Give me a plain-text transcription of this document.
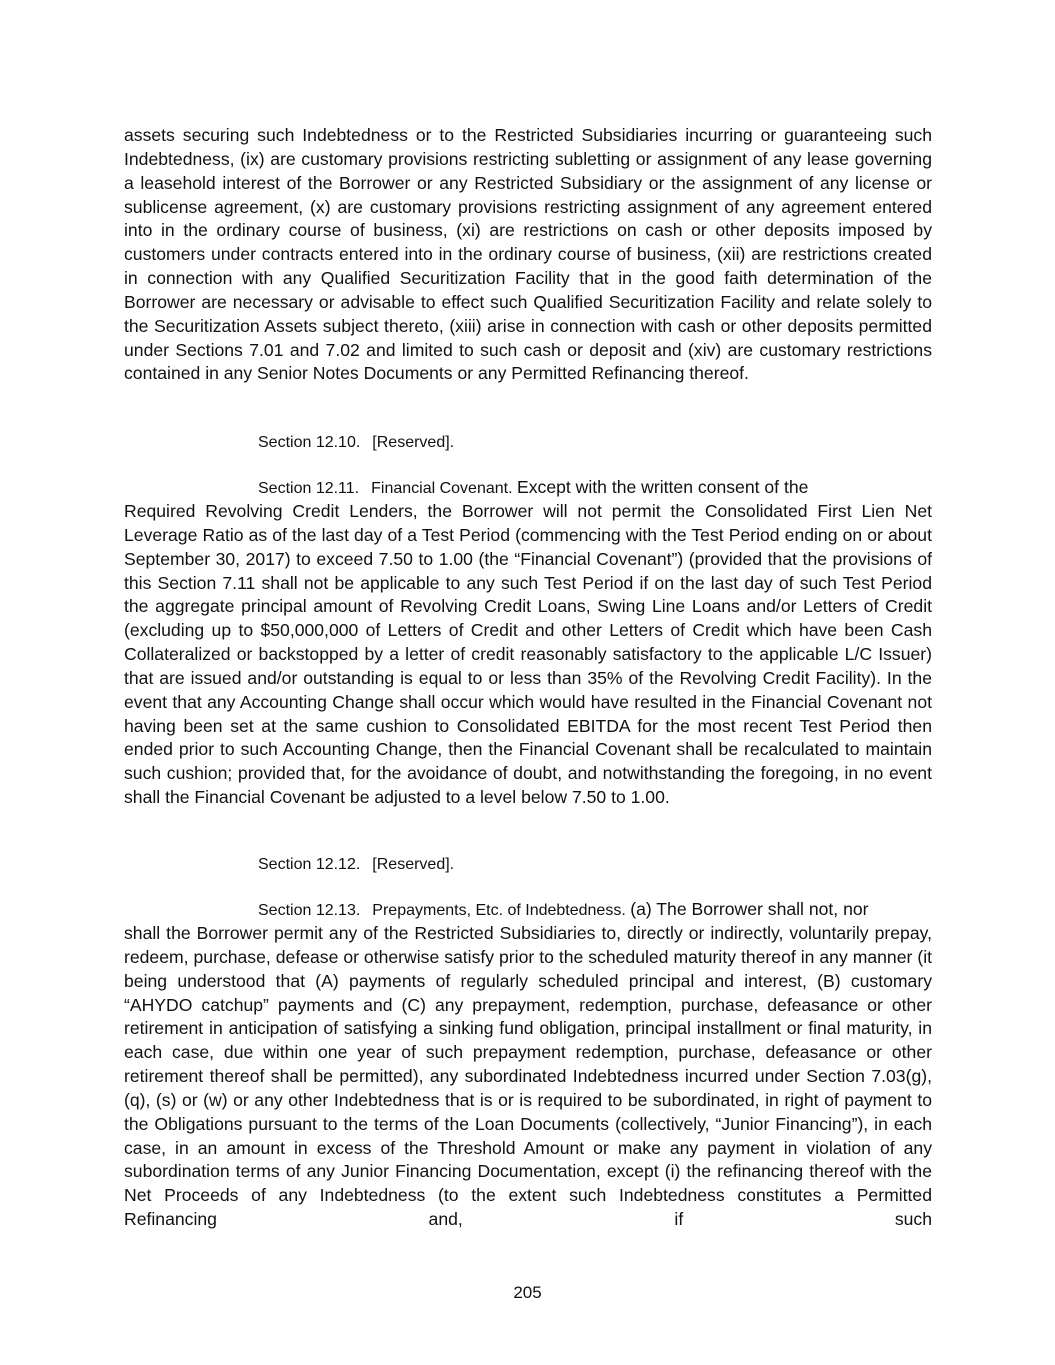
assets securing such Indebtedness or to the Restricted Subsidiaries incurring or guaranteeing such Indebtedness, (ix) are customary provisions restricting subletting or assignment of any lease governing a leasehold interest of the Borrower or any Restricted Subsidiary or the assignment of any license or sublicense agreement, (x) are customary provisions restricting assignment of any agreement entered into in the ordinary course of business, (xi) are restrictions on cash or other deposits imposed by customers under contracts entered into in the ordinary course of business, (xii) are restrictions created in connection with any Qualified Securitization Facility that in the good faith determination of the Borrower are necessary or advisable to effect such Qualified Securitization Facility and relate solely to the Securitization Assets subject thereto, (xiii) arise in connection with cash or other deposits permitted under Sections 7.01 and 7.02 and limited to such cash or deposit and (xiv) are customary restrictions contained in any Senior Notes Documents or any Permitted Refinancing thereof.

Section 12.10. [Reserved].
Section 12.11. Financial Covenant. Except with the written consent of the

Required Revolving Credit Lenders, the Borrower will not permit the Consolidated First Lien Net Leverage Ratio as of the last day of a Test Period (commencing with the Test Period ending on or about September 30, 2017) to exceed 7.50 to 1.00 (the “Financial Covenant”) (provided that the provisions of this Section 7.11 shall not be applicable to any such Test Period if on the last day of such Test Period the aggregate principal amount of Revolving Credit Loans, Swing Line Loans and/or Letters of Credit (excluding up to $50,000,000 of Letters of Credit and other Letters of Credit which have been Cash Collateralized or backstopped by a letter of credit reasonably satisfactory to the applicable L/C Issuer) that are issued and/or outstanding is equal to or less than 35% of the Revolving Credit Facility). In the event that any Accounting Change shall occur which would have resulted in the Financial Covenant not having been set at the same cushion to Consolidated EBITDA for the most recent Test Period then ended prior to such Accounting Change, then the Financial Covenant shall be recalculated to maintain such cushion; provided that, for the avoidance of doubt, and notwithstanding the foregoing, in no event shall the Financial Covenant be adjusted to a level below 7.50 to 1.00.

Section 12.12. [Reserved].
Section 12.13. Prepayments, Etc. of Indebtedness. (a) The Borrower shall not, nor

shall the Borrower permit any of the Restricted Subsidiaries to, directly or indirectly, voluntarily prepay, redeem, purchase, defease or otherwise satisfy prior to the scheduled maturity thereof in any manner (it being understood that (A) payments of regularly scheduled principal and interest, (B) customary “AHYDO catchup” payments and (C) any prepayment, redemption, purchase, defeasance or other retirement in anticipation of satisfying a sinking fund obligation, principal installment or final maturity, in each case, due within one year of such prepayment redemption, purchase, defeasance or other retirement thereof shall be permitted), any subordinated Indebtedness incurred under Section 7.03(g), (q), (s) or (w) or any other Indebtedness that is or is required to be subordinated, in right of payment to the Obligations pursuant to the terms of the Loan Documents (collectively, “Junior Financing”), in each case, in an amount in excess of the Threshold Amount or make any payment in violation of any subordination terms of any Junior Financing Documentation, except (i) the refinancing thereof with the Net Proceeds of any Indebtedness (to the extent such Indebtedness constitutes a Permitted Refinancing and, if such

205
